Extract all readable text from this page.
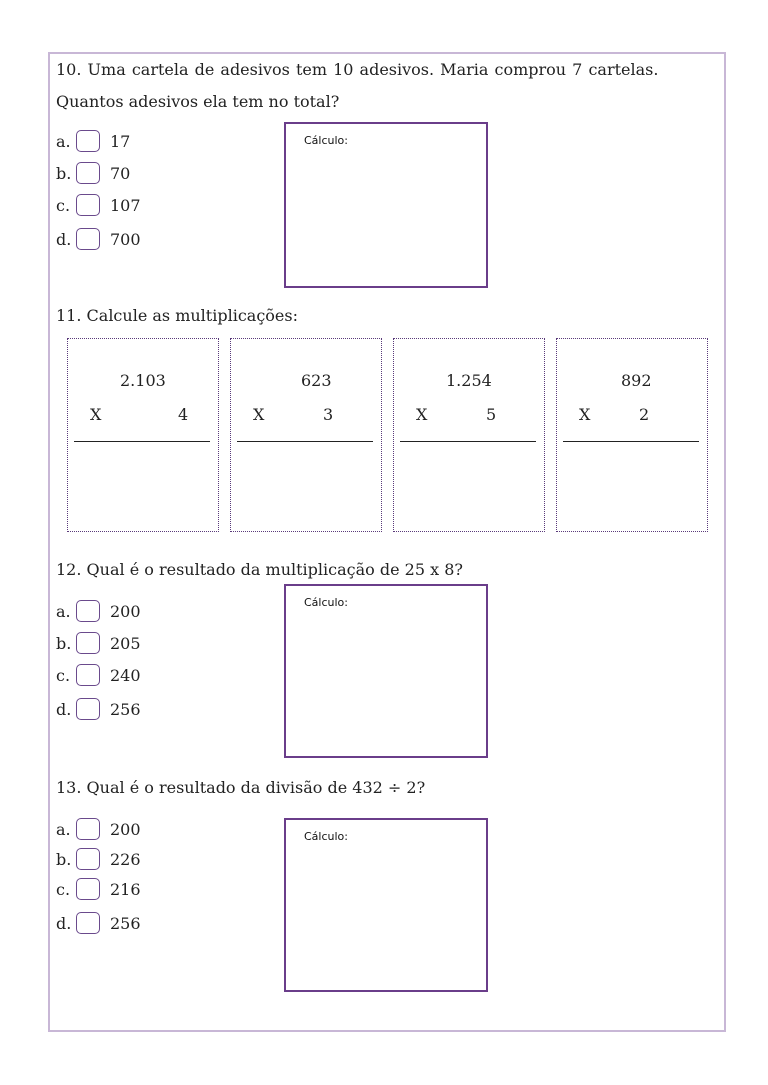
10. Uma cartela de adesivos tem 10 adesivos. Maria comprou 7 cartelas.
Quantos adesivos ela tem no total?
a.	17
b. 70
c.	107
d. 700
Cálculo:
11. Calcule as multiplicações:
2.103
X	4
623
X	3
1.254
X	5
892
X	2
12. Qual é o resultado da multiplicação de 25 x 8?
a.	200
b. 205
c.	240
d. 256
Cálculo:
13. Qual é o resultado da divisão de 432 ÷ 2?
a.	200
b. 226
c.	216
d. 256
Cálculo:
